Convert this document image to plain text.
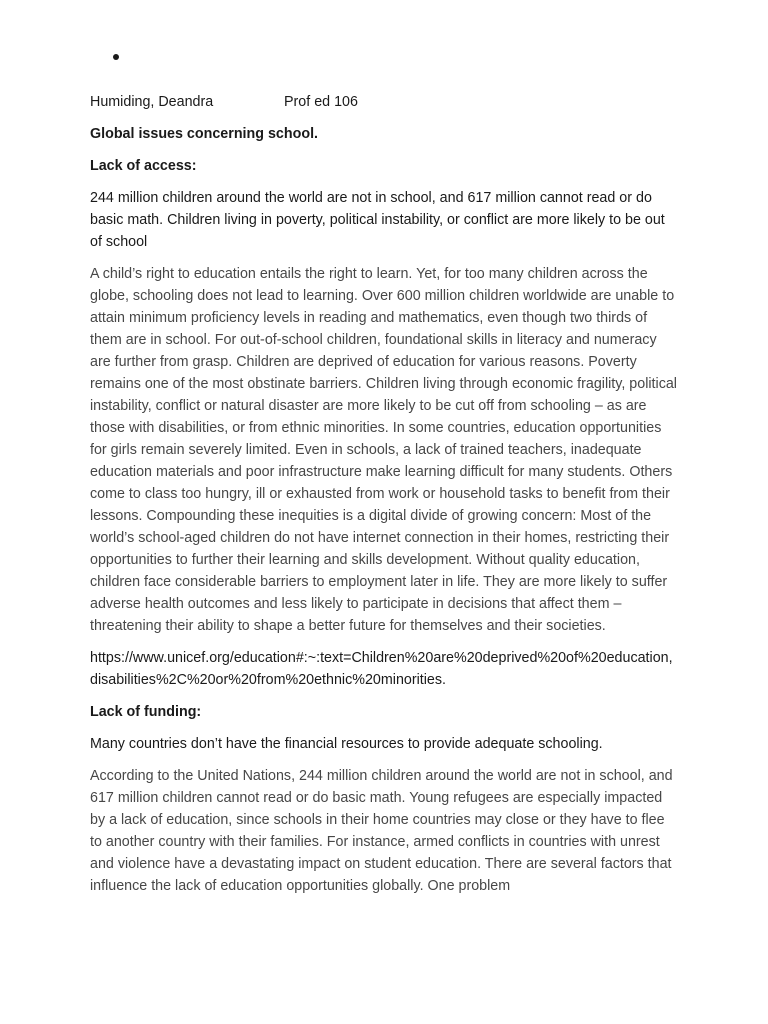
Humiding, Deandra	Prof ed 106

Global issues concerning school.

Lack of access:

244 million children around the world are not in school, and 617 million cannot read or do basic math. Children living in poverty, political instability, or conflict are more likely to be out of school

A child’s right to education entails the right to learn. Yet, for too many children across the globe, schooling does not lead to learning. Over 600 million children worldwide are unable to attain minimum proficiency levels in reading and mathematics, even though two thirds of them are in school. For out-of-school children, foundational skills in literacy and numeracy are further from grasp. Children are deprived of education for various reasons. Poverty remains one of the most obstinate barriers. Children living through economic fragility, political instability, conflict or natural disaster are more likely to be cut off from schooling – as are those with disabilities, or from ethnic minorities. In some countries, education opportunities for girls remain severely limited. Even in schools, a lack of trained teachers, inadequate education materials and poor infrastructure make learning difficult for many students. Others come to class too hungry, ill or exhausted from work or household tasks to benefit from their lessons. Compounding these inequities is a digital divide of growing concern: Most of the world’s school-aged children do not have internet connection in their homes, restricting their opportunities to further their learning and skills development. Without quality education, children face considerable barriers to employment later in life. They are more likely to suffer adverse health outcomes and less likely to participate in decisions that affect them – threatening their ability to shape a better future for themselves and their societies.

https://www.unicef.org/education#:~:text=Children%20are%20deprived%20of%20education,disabilities%2C%20or%20from%20ethnic%20minorities.

Lack of funding:

Many countries don’t have the financial resources to provide adequate schooling.

According to the United Nations, 244 million children around the world are not in school, and 617 million children cannot read or do basic math. Young refugees are especially impacted by a lack of education, since schools in their home countries may close or they have to flee to another country with their families. For instance, armed conflicts in countries with unrest and violence have a devastating impact on student education. There are several factors that influence the lack of education opportunities globally. One problem
